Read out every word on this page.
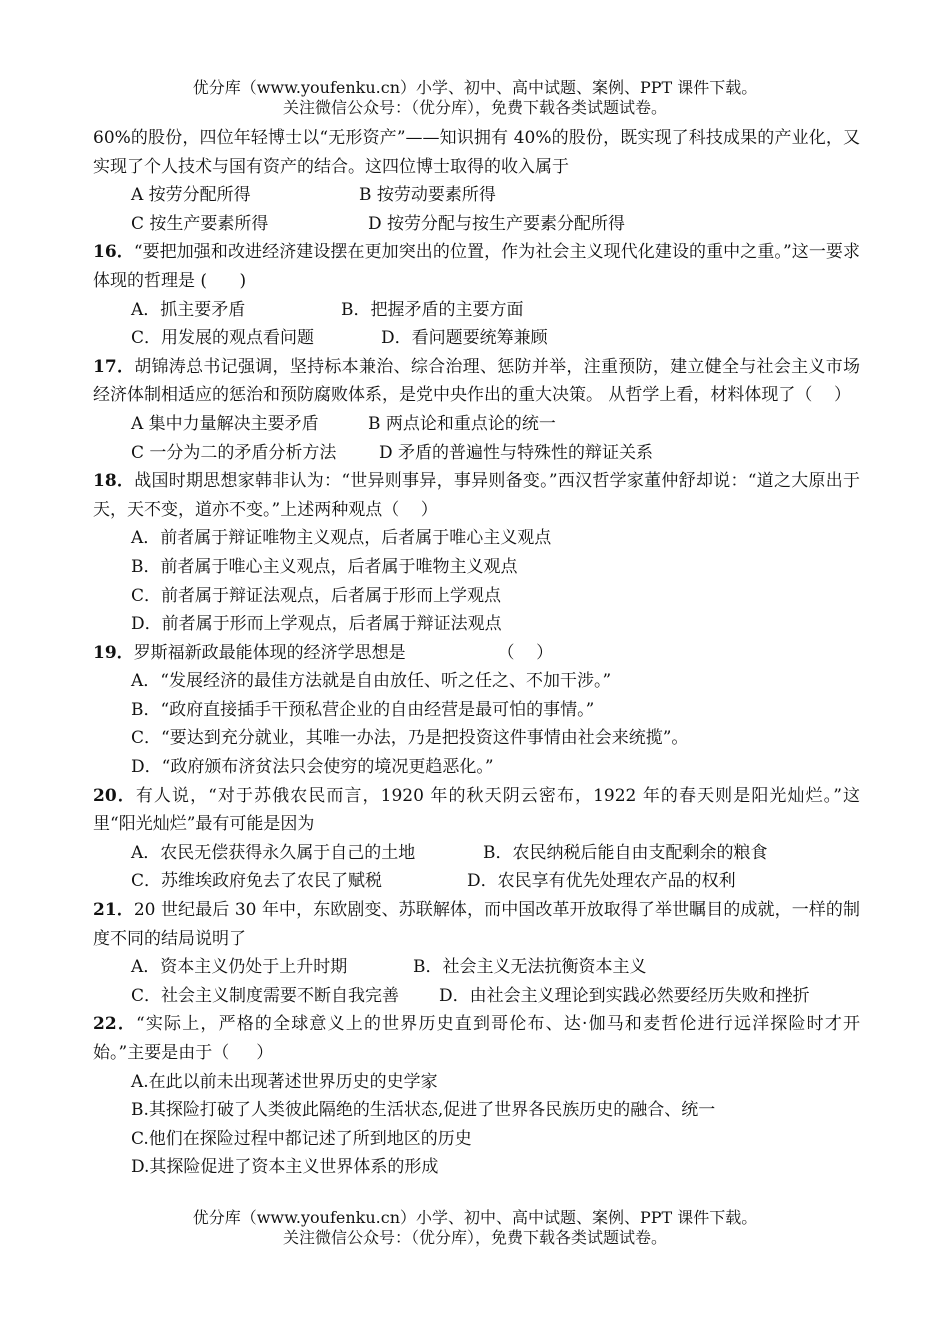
优分库（www.youfenku.cn）小学、初中、高中试题、案例、PPT 课件下载。
关注微信公众号：（优分库），免费下载各类试题试卷。

60%的股份，四位年轻博士以“无形资产”——知识拥有 40%的股份，既实现了科技成果的产业化，又实现了个人技术与国有资产的结合。这四位博士取得的收入属于

A 按劳分配所得	B 按劳动要素所得
C 按生产要素所得	D 按劳分配与按生产要素分配所得

16．“要把加强和改进经济建设摆在更加突出的位置，作为社会主义现代化建设的重中之重。”这一要求体现的哲理是 (      )

A．抓主要矛盾	B．把握矛盾的主要方面
C．用发展的观点看问题	D．看问题要统筹兼顾

17．胡锦涛总书记强调，坚持标本兼治、综合治理、惩防并举，注重预防，建立健全与社会主义市场经济体制相适应的惩治和预防腐败体系，是党中央作出的重大决策。 从哲学上看，材料体现了（    ）

A 集中力量解决主要矛盾	B 两点论和重点论的统一
C 一分为二的矛盾分析方法	D 矛盾的普遍性与特殊性的辩证关系

18．战国时期思想家韩非认为：“世异则事异，事异则备变。”西汉哲学家董仲舒却说：“道之大原出于天，天不变，道亦不变。”上述两种观点（    ）

A．前者属于辩证唯物主义观点，后者属于唯心主义观点

B．前者属于唯心主义观点，后者属于唯物主义观点

C．前者属于辩证法观点，后者属于形而上学观点

D．前者属于形而上学观点，后者属于辩证法观点

19．罗斯福新政最能体现的经济学思想是                 （    ）

A．“发展经济的最佳方法就是自由放任、听之任之、不加干涉。”

B．“政府直接插手干预私营企业的自由经营是最可怕的事情。”

C．“要达到充分就业，其唯一办法，乃是把投资这件事情由社会来统揽”。

D．“政府颁布济贫法只会使穷的境况更趋恶化。”

20．有人说，“对于苏俄农民而言，1920 年的秋天阴云密布，1922 年的春天则是阳光灿烂。”这里“阳光灿烂”最有可能是因为

A．农民无偿获得永久属于自己的土地	B．农民纳税后能自由支配剩余的粮食
C．苏维埃政府免去了农民了赋税	D．农民享有优先处理农产品的权利

21．20 世纪最后 30 年中，东欧剧变、苏联解体，而中国改革开放取得了举世瞩目的成就，一样的制度不同的结局说明了

A．资本主义仍处于上升时期	B．社会主义无法抗衡资本主义
C．社会主义制度需要不断自我完善	D．由社会主义理论到实践必然要经历失败和挫折

22．“实际上，严格的全球意义上的世界历史直到哥伦布、达·伽马和麦哲伦进行远洋探险时才开始。”主要是由于（     ）

A.在此以前未出现著述世界历史的史学家

B.其探险打破了人类彼此隔绝的生活状态,促进了世界各民族历史的融合、统一

C.他们在探险过程中都记述了所到地区的历史

D.其探险促进了资本主义世界体系的形成

优分库（www.youfenku.cn）小学、初中、高中试题、案例、PPT 课件下载。
关注微信公众号：（优分库），免费下载各类试题试卷。
